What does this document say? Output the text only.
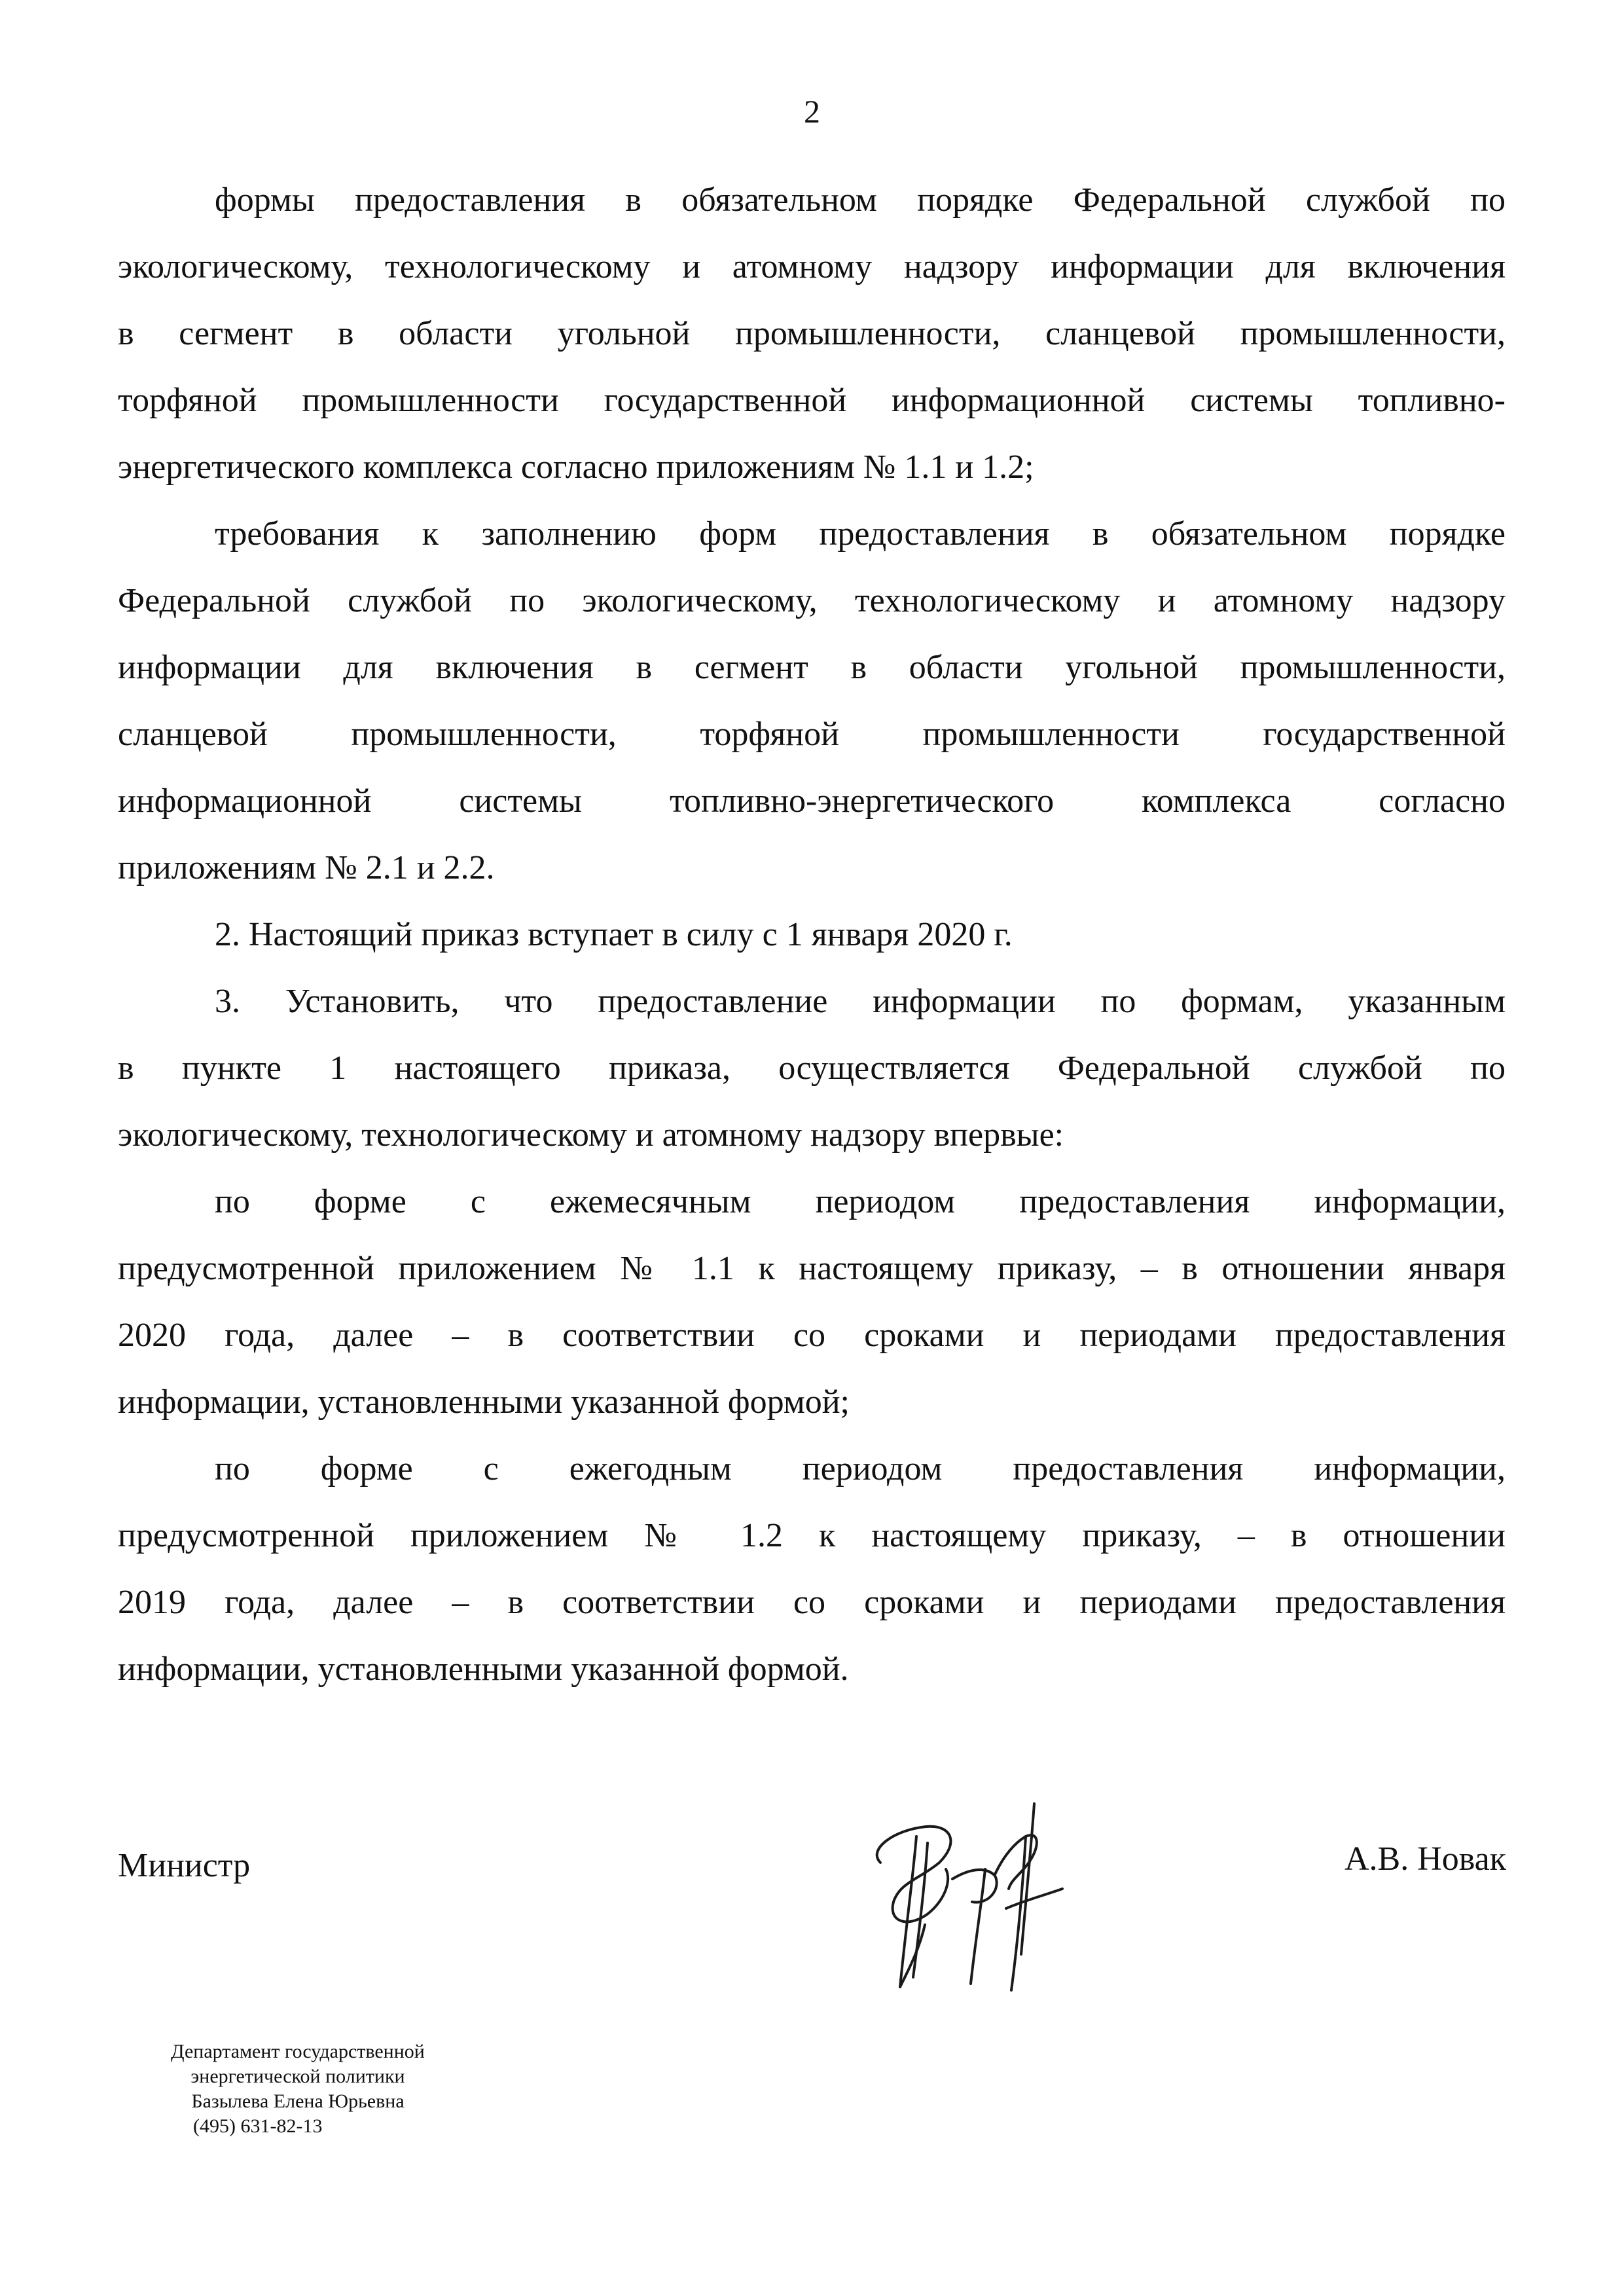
2

формы предоставления в обязательном порядке Федеральной службой по
экологическому, технологическому и атомному надзору информации для включения
в сегмент в области угольной промышленности, сланцевой промышленности,
торфяной промышленности государственной информационной системы топливно-
энергетического комплекса согласно приложениям № 1.1 и 1.2;

требования к заполнению форм предоставления в обязательном порядке
Федеральной службой по экологическому, технологическому и атомному надзору
информации для включения в сегмент в области угольной промышленности,
сланцевой промышленности, торфяной промышленности государственной
информационной системы топливно-энергетического комплекса согласно
приложениям № 2.1 и 2.2.

2. Настоящий приказ вступает в силу с 1 января 2020 г.

3. Установить, что предоставление информации по формам, указанным
в пункте 1 настоящего приказа, осуществляется Федеральной службой по
экологическому, технологическому и атомному надзору впервые:

по форме с ежемесячным периодом предоставления информации,
предусмотренной приложением № 1.1 к настоящему приказу, – в отношении января
2020 года, далее – в соответствии со сроками и периодами предоставления
информации, установленными указанной формой;

по форме с ежегодным периодом предоставления информации,
предусмотренной приложением № 1.2 к настоящему приказу, – в отношении
2019 года, далее – в соответствии со сроками и периодами предоставления
информации, установленными указанной формой.

Министр	А.В. Новак
Департамент государственной
энергетической политики
Базылева Елена Юрьевна
(495) 631-82-13
